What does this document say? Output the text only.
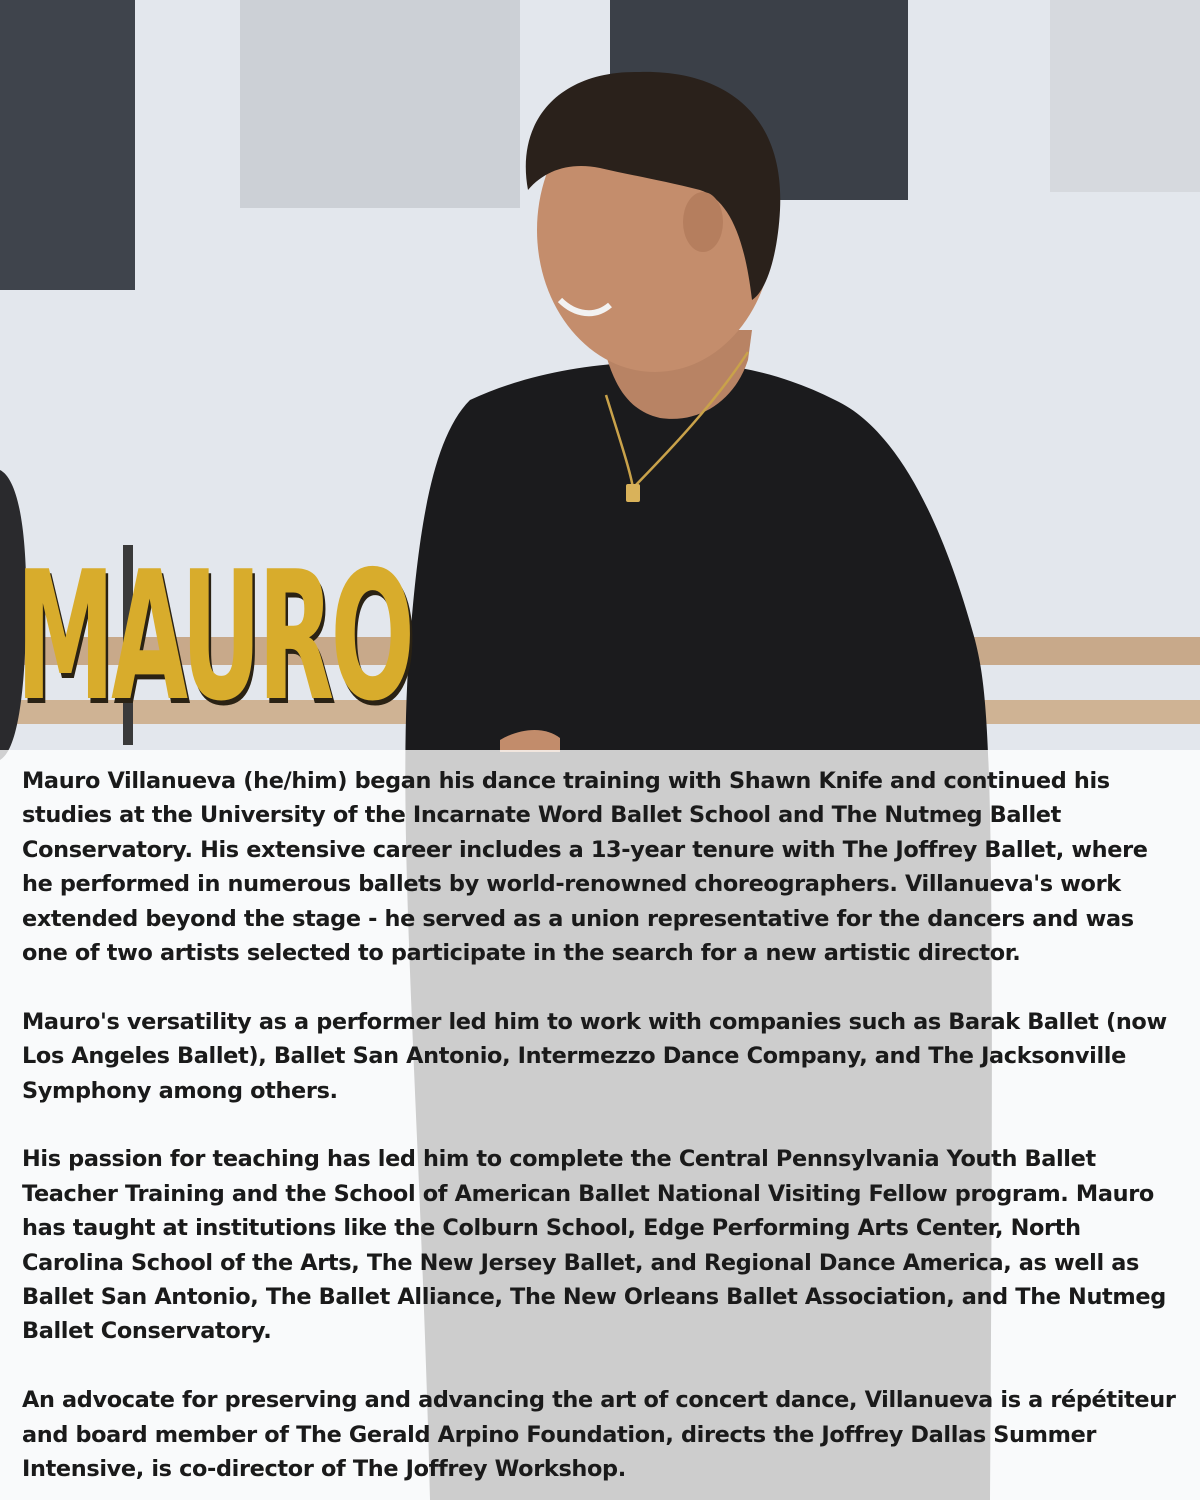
MAURO

Mauro Villanueva (he/him) began his dance training with Shawn Knife and continued his studies at the University of the Incarnate Word Ballet School and The Nutmeg Ballet Conservatory. His extensive career includes a 13-year tenure with The Joffrey Ballet, where he performed in numerous ballets by world-renowned choreographers. Villanueva's work extended beyond the stage - he served as a union representative for the dancers and was one of two artists selected to participate in the search for a new artistic director.

Mauro's versatility as a performer led him to work with companies such as Barak Ballet (now Los Angeles Ballet), Ballet San Antonio, Intermezzo Dance Company, and The Jacksonville Symphony among others.

His passion for teaching has led him to complete the Central Pennsylvania Youth Ballet Teacher Training and the School of American Ballet National Visiting Fellow program. Mauro has taught at institutions like the Colburn School, Edge Performing Arts Center, North Carolina School of the Arts, The New Jersey Ballet, and Regional Dance America, as well as Ballet San Antonio, The Ballet Alliance, The New Orleans Ballet Association, and The Nutmeg Ballet Conservatory.

An advocate for preserving and advancing the art of concert dance, Villanueva is a répétiteur and board member of The Gerald Arpino Foundation, directs the Joffrey Dallas Summer Intensive, is co-director of The Joffrey Workshop.
